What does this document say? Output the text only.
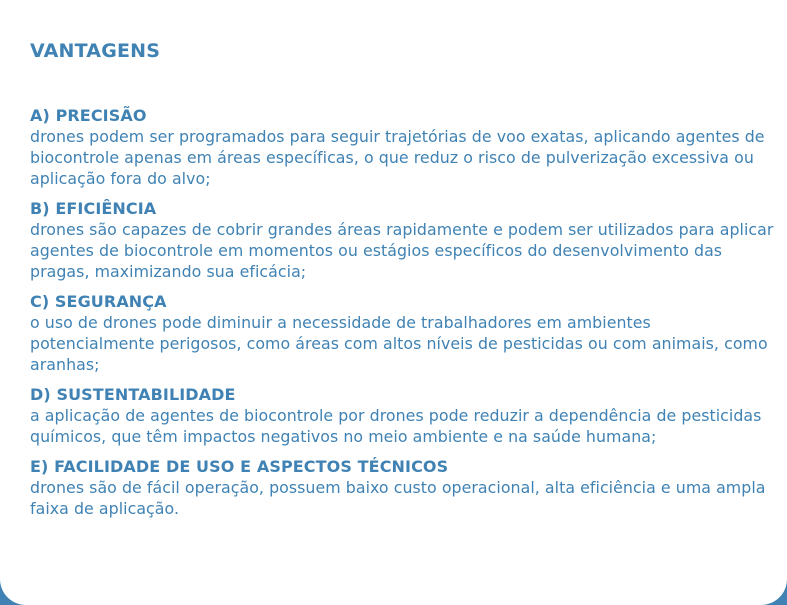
VANTAGENS
A) PRECISÃO
drones podem ser programados para seguir trajetórias de voo exatas, aplicando agentes de biocontrole apenas em áreas específicas, o que reduz o risco de pulverização excessiva ou aplicação fora do alvo;
B) EFICIÊNCIA
drones são capazes de cobrir grandes áreas rapidamente e podem ser utilizados para aplicar agentes de biocontrole em momentos ou estágios específicos do desenvolvimento das pragas, maximizando sua eficácia;
C) SEGURANÇA
o uso de drones pode diminuir a necessidade de trabalhadores em ambientes potencialmente perigosos, como áreas com altos níveis de pesticidas ou com animais, como aranhas;
D) SUSTENTABILIDADE
a aplicação de agentes de biocontrole por drones pode reduzir a dependência de pesticidas químicos, que têm impactos negativos no meio ambiente e na saúde humana;
E) FACILIDADE DE USO E ASPECTOS TÉCNICOS
drones são de fácil operação, possuem baixo custo operacional, alta eficiência e uma ampla faixa de aplicação.
